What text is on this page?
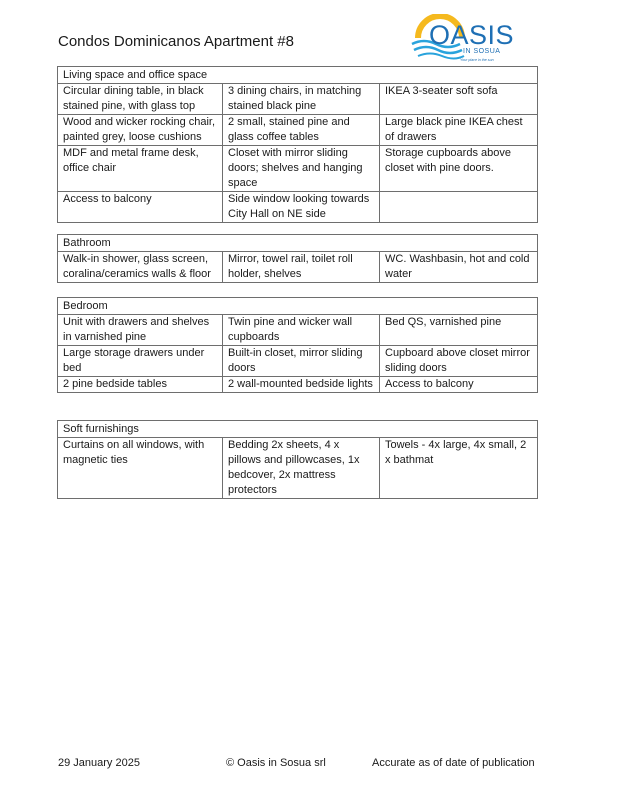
Condos Dominicanos Apartment #8	OASIS
IN SOSUA
Your place in the sun
Living space and office space		
Circular dining table, in black stained pine, with glass top	3 dining chairs, in matching stained black pine	IKEA 3-seater soft sofa
Wood and wicker rocking chair, painted grey, loose cushions	2 small, stained pine and glass coffee tables	Large black pine IKEA chest of drawers
MDF and metal frame desk, office chair	Closet with mirror sliding doors; shelves and hanging space	Storage cupboards above closet with pine doors.
Access to balcony	Side window looking towards City Hall on NE side	
Bathroom
Walk-in shower, glass screen, coralina/ceramics walls & floor	Mirror, towel rail, toilet roll holder, shelves	WC. Washbasin, hot and cold water
Bedroom		
Unit with drawers and shelves in varnished pine	Twin pine and wicker wall cupboards	Bed QS, varnished pine
Large storage drawers under bed	Built-in closet, mirror sliding doors	Cupboard above closet mirror sliding doors
2 pine bedside tables	2 wall-mounted bedside lights	Access to balcony
Soft furnishings
Curtains on all windows, with magnetic ties	Bedding 2x sheets, 4 x pillows and pillowcases, 1x bedcover, 2x mattress protectors	Towels - 4x large, 4x small, 2 x bathmat
29 January 2025	© Oasis in Sosua srl	Accurate as of date of publication
